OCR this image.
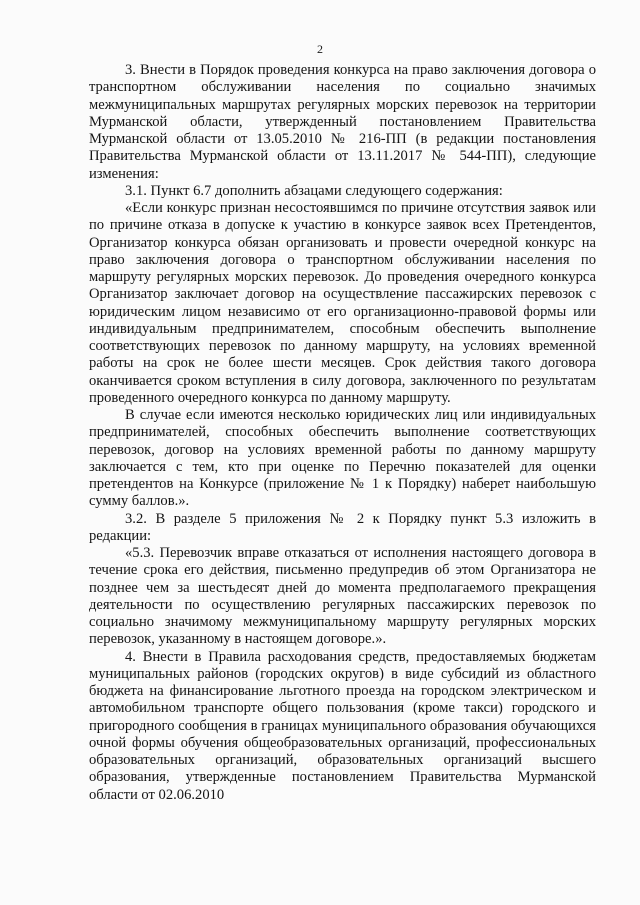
2

3. Внести в Порядок проведения конкурса на право заключения договора о транспортном обслуживании населения по социально значимых межмуниципальных маршрутах регулярных морских перевозок на территории Мурманской области, утвержденный постановлением Правительства Мурманской области от 13.05.2010 № 216-ПП (в редакции постановления Правительства Мурманской области от 13.11.2017 № 544-ПП), следующие изменения:

3.1. Пункт 6.7 дополнить абзацами следующего содержания:

«Если конкурс признан несостоявшимся по причине отсутствия заявок или по причине отказа в допуске к участию в конкурсе заявок всех Претендентов, Организатор конкурса обязан организовать и провести очередной конкурс на право заключения договора о транспортном обслуживании населения по маршруту регулярных морских перевозок. До проведения очередного конкурса Организатор заключает договор на осуществление пассажирских перевозок с юридическим лицом независимо от его организационно-правовой формы или индивидуальным предпринимателем, способным обеспечить выполнение соответствующих перевозок по данному маршруту, на условиях временной работы на срок не более шести месяцев. Срок действия такого договора оканчивается сроком вступления в силу договора, заключенного по результатам проведенного очередного конкурса по данному маршруту.

В случае если имеются несколько юридических лиц или индивидуальных предпринимателей, способных обеспечить выполнение соответствующих перевозок, договор на условиях временной работы по данному маршруту заключается с тем, кто при оценке по Перечню показателей для оценки претендентов на Конкурсе (приложение № 1 к Порядку) наберет наибольшую сумму баллов.».

3.2. В разделе 5 приложения № 2 к Порядку пункт 5.3 изложить в редакции:

«5.3. Перевозчик вправе отказаться от исполнения настоящего договора в течение срока его действия, письменно предупредив об этом Организатора не позднее чем за шестьдесят дней до момента предполагаемого прекращения деятельности по осуществлению регулярных пассажирских перевозок по социально значимому межмуниципальному маршруту регулярных морских перевозок, указанному в настоящем договоре.».

4. Внести в Правила расходования средств, предоставляемых бюджетам муниципальных районов (городских округов) в виде субсидий из областного бюджета на финансирование льготного проезда на городском электрическом и автомобильном транспорте общего пользования (кроме такси) городского и пригородного сообщения в границах муниципального образования обучающихся очной формы обучения общеобразовательных организаций, профессиональных образовательных организаций, образовательных организаций высшего образования, утвержденные постановлением Правительства Мурманской области от 02.06.2010
